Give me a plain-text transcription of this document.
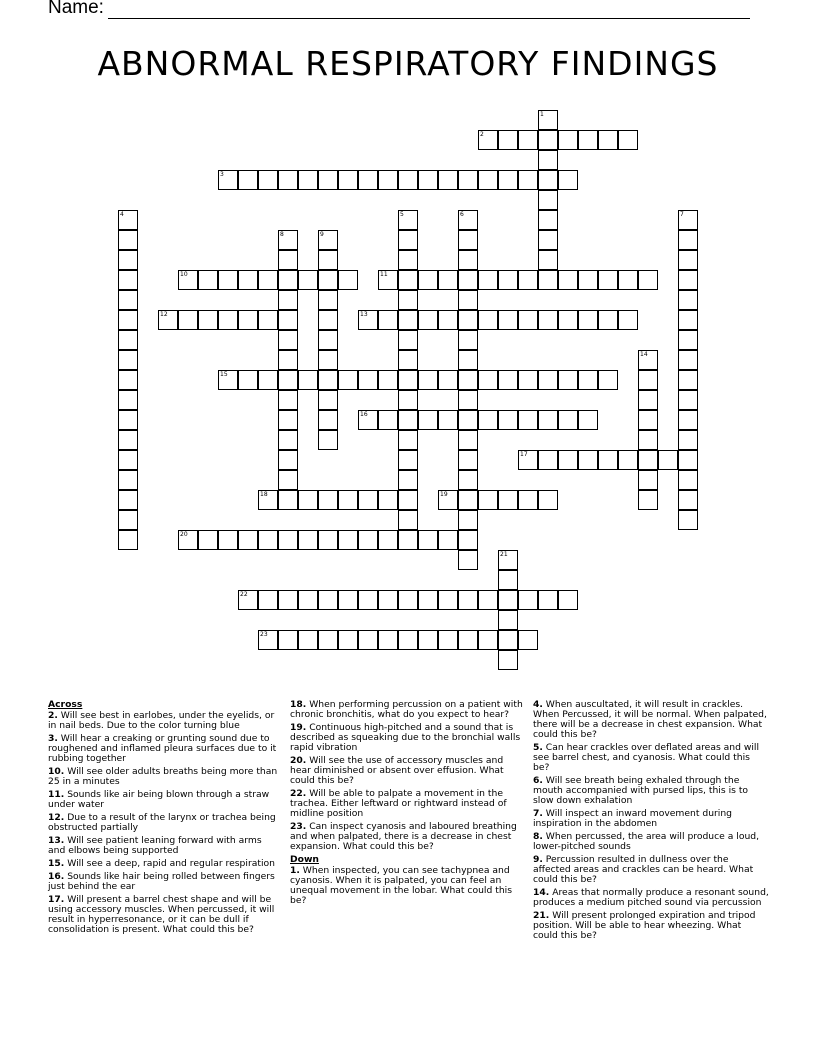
Name:
ABNORMAL RESPIRATORY FINDINGS
1
2
3
4	5	6	7
8	9
10	11
12	13
14
15
16
17
18	19
20
21
22
23
Across
2. Will see best in earlobes, under the eyelids, or in nail beds. Due to the color turning blue
3. Will hear a creaking or grunting sound due to roughened and inflamed pleura surfaces due to it rubbing together
10. Will see older adults breaths being more than 25 in a minutes
11. Sounds like air being blown through a straw under water
12. Due to a result of the larynx or trachea being obstructed partially
13. Will see patient leaning forward with arms and elbows being supported
15. Will see a deep, rapid and regular respiration
16. Sounds like hair being rolled between fingers just behind the ear
17. Will present a barrel chest shape and will be using accessory muscles. When percussed, it will result in hyperresonance, or it can be dull if consolidation is present. What could this be?
18. When performing percussion on a patient with chronic bronchitis, what do you expect to hear?
19. Continuous high-pitched and a sound that is described as squeaking due to the bronchial walls rapid vibration
20. Will see the use of accessory muscles and hear diminished or absent over effusion. What could this be?
22. Will be able to palpate a movement in the trachea. Either leftward or rightward instead of midline position
23. Can inspect cyanosis and laboured breathing and when palpated, there is a decrease in chest expansion. What could this be?
Down
1. When inspected, you can see tachypnea and cyanosis. When it is palpated, you can feel an unequal movement in the lobar. What could this be?
4. When auscultated, it will result in crackles. When Percussed, it will be normal. When palpated, there will be a decrease in chest expansion. What could this be?
5. Can hear crackles over deflated areas and will see barrel chest, and cyanosis. What could this be?
6. Will see breath being exhaled through the mouth accompanied with pursed lips, this is to slow down exhalation
7. Will inspect an inward movement during inspiration in the abdomen
8. When percussed, the area will produce a loud, lower-pitched sounds
9. Percussion resulted in dullness over the affected areas and crackles can be heard. What could this be?
14. Areas that normally produce a resonant sound, produces a medium pitched sound via percussion
21. Will present prolonged expiration and tripod position. Will be able to hear wheezing. What could this be?
